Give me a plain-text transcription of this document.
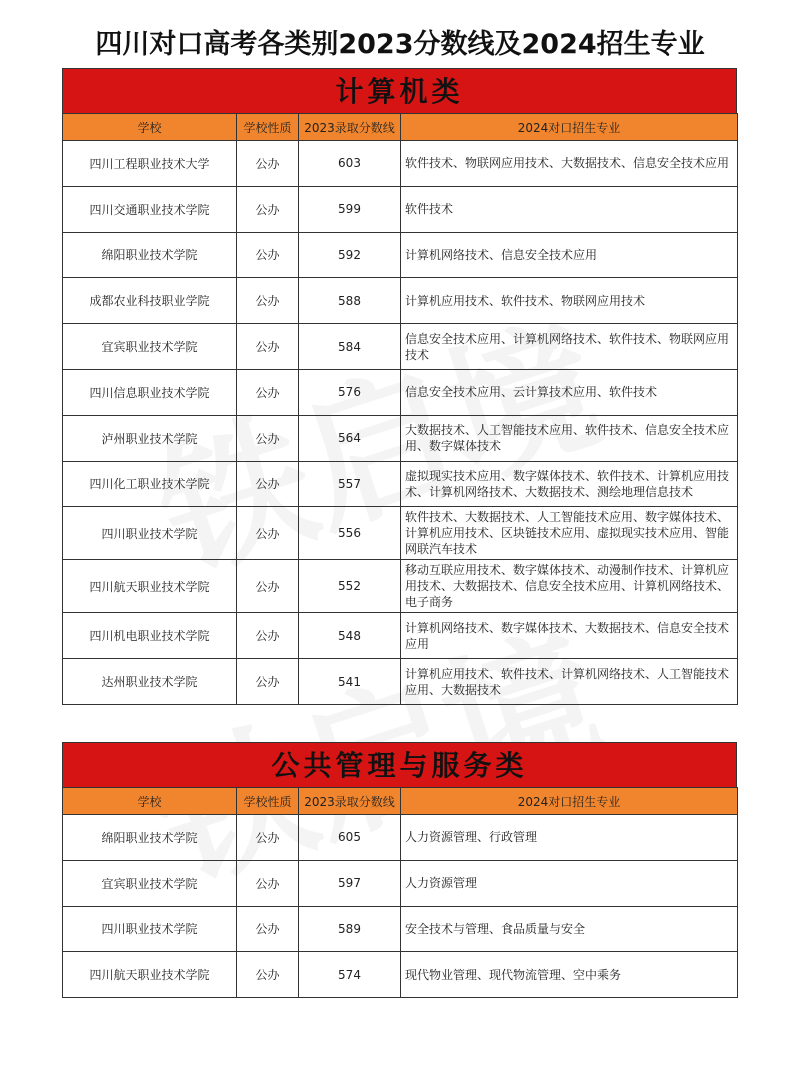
四川对口高考各类别2023分数线及2024招生专业
计算机类
学校	学校性质	2023录取分数线	2024对口招生专业
四川工程职业技术大学	公办	603	软件技术、物联网应用技术、大数据技术、信息安全技术应用
四川交通职业技术学院	公办	599	软件技术
绵阳职业技术学院	公办	592	计算机网络技术、信息安全技术应用
成都农业科技职业学院	公办	588	计算机应用技术、软件技术、物联网应用技术
宜宾职业技术学院	公办	584	信息安全技术应用、计算机网络技术、软件技术、物联网应用技术
四川信息职业技术学院	公办	576	信息安全技术应用、云计算技术应用、软件技术
泸州职业技术学院	公办	564	大数据技术、人工智能技术应用、软件技术、信息安全技术应用、数字媒体技术
四川化工职业技术学院	公办	557	虚拟现实技术应用、数字媒体技术、软件技术、计算机应用技术、计算机网络技术、大数据技术、测绘地理信息技术
四川职业技术学院	公办	556	软件技术、大数据技术、人工智能技术应用、数字媒体技术、计算机应用技术、区块链技术应用、虚拟现实技术应用、智能网联汽车技术
四川航天职业技术学院	公办	552	移动互联应用技术、数字媒体技术、动漫制作技术、计算机应用技术、大数据技术、信息安全技术应用、计算机网络技术、电子商务
四川机电职业技术学院	公办	548	计算机网络技术、数字媒体技术、大数据技术、信息安全技术应用
达州职业技术学院	公办	541	计算机应用技术、软件技术、计算机网络技术、人工智能技术应用、大数据技术
公共管理与服务类
学校	学校性质	2023录取分数线	2024对口招生专业
绵阳职业技术学院	公办	605	人力资源管理、行政管理
宜宾职业技术学院	公办	597	人力资源管理
四川职业技术学院	公办	589	安全技术与管理、食品质量与安全
四川航天职业技术学院	公办	574	现代物业管理、现代物流管理、空中乘务
